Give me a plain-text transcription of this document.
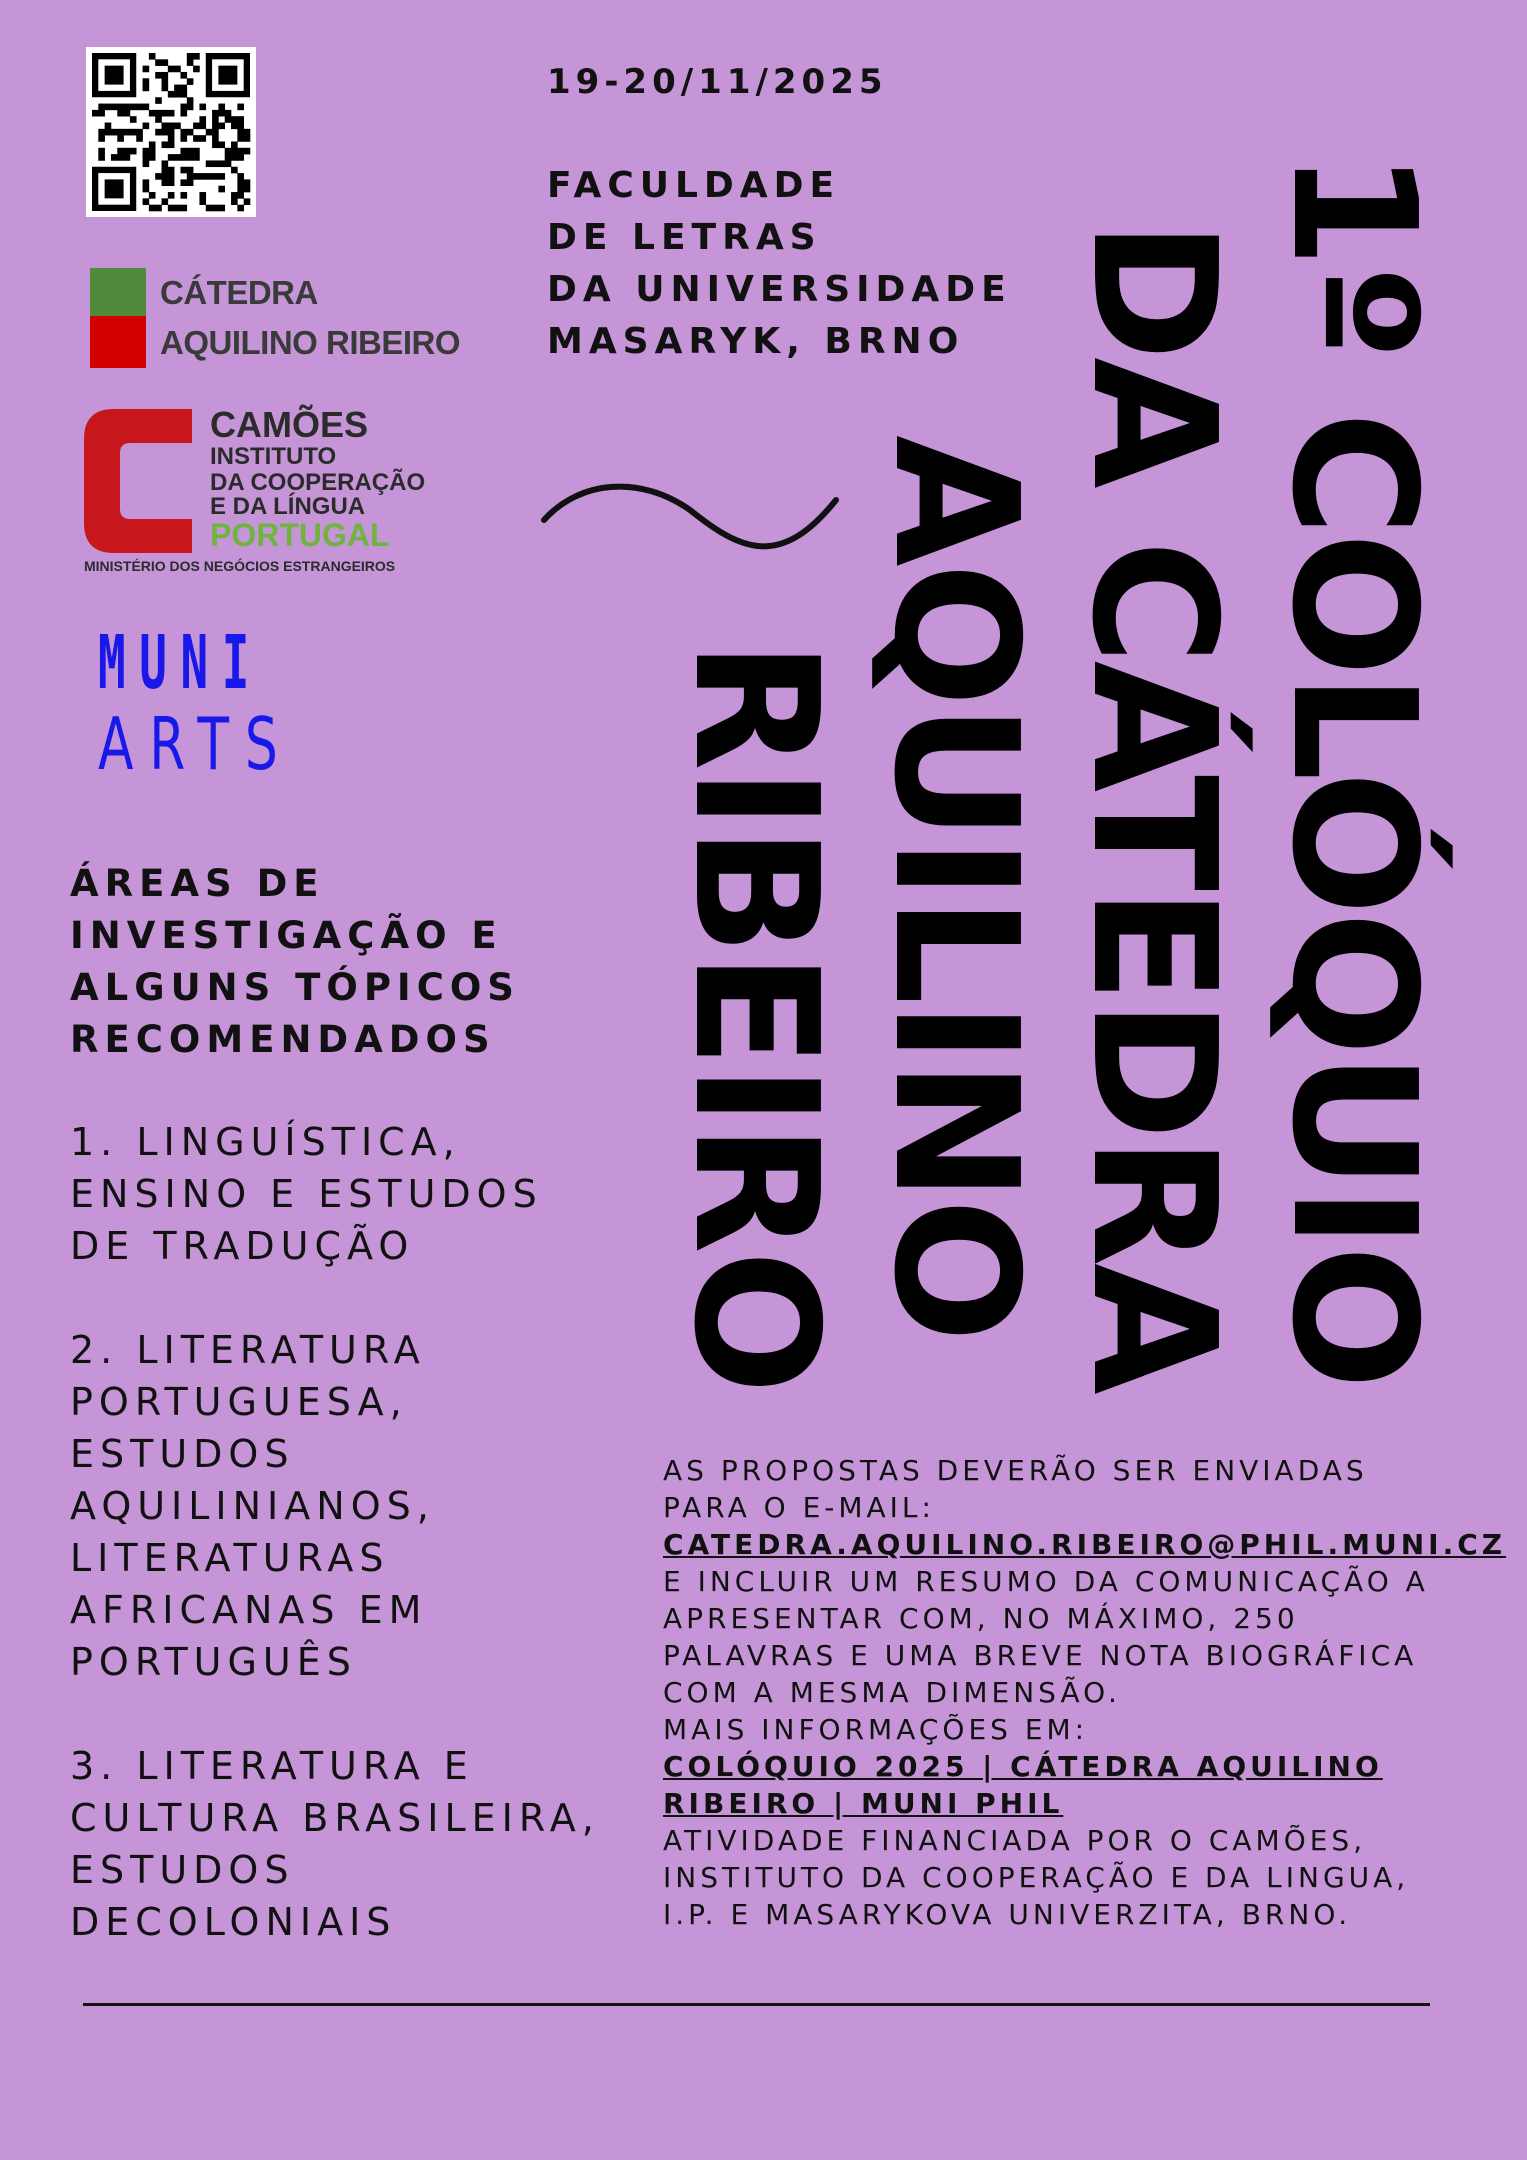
CÁTEDRA
AQUILINO RIBEIRO
CAMÕES
INSTITUTO
DA COOPERAÇÃO
E DA LÍNGUA
PORTUGAL
MINISTÉRIO DOS NEGÓCIOS ESTRANGEIROS
MUNI
ARTS
19-20/11/2025
FACULDADE
DE LETRAS
DA UNIVERSIDADE
MASARYK, BRNO 1º COLÓQUIO
DA CÁTEDRA
AQUILINO
RIBEIRO
ÁREAS DE
INVESTIGAÇÃO E
ALGUNS TÓPICOS
RECOMENDADOS
1. LINGUÍSTICA,
ENSINO E ESTUDOS
DE TRADUÇÃO
2. LITERATURA
PORTUGUESA,
ESTUDOS
AQUILINIANOS,
LITERATURAS
AFRICANAS EM
PORTUGUÊS
3. LITERATURA E
CULTURA BRASILEIRA,
ESTUDOS
DECOLONIAIS
AS PROPOSTAS DEVERÃO SER ENVIADAS
PARA O E-MAIL:
CATEDRA.AQUILINO.RIBEIRO@PHIL.MUNI.CZ
E INCLUIR UM RESUMO DA COMUNICAÇÃO A
APRESENTAR COM, NO MÁXIMO, 250
PALAVRAS E UMA BREVE NOTA BIOGRÁFICA
COM A MESMA DIMENSÃO.
MAIS INFORMAÇÕES EM:
COLÓQUIO 2025 | CÁTEDRA AQUILINO
RIBEIRO | MUNI PHIL
ATIVIDADE FINANCIADA POR O CAMÕES,
INSTITUTO DA COOPERAÇÃO E DA LINGUA,
I.P. E MASARYKOVA UNIVERZITA, BRNO.
